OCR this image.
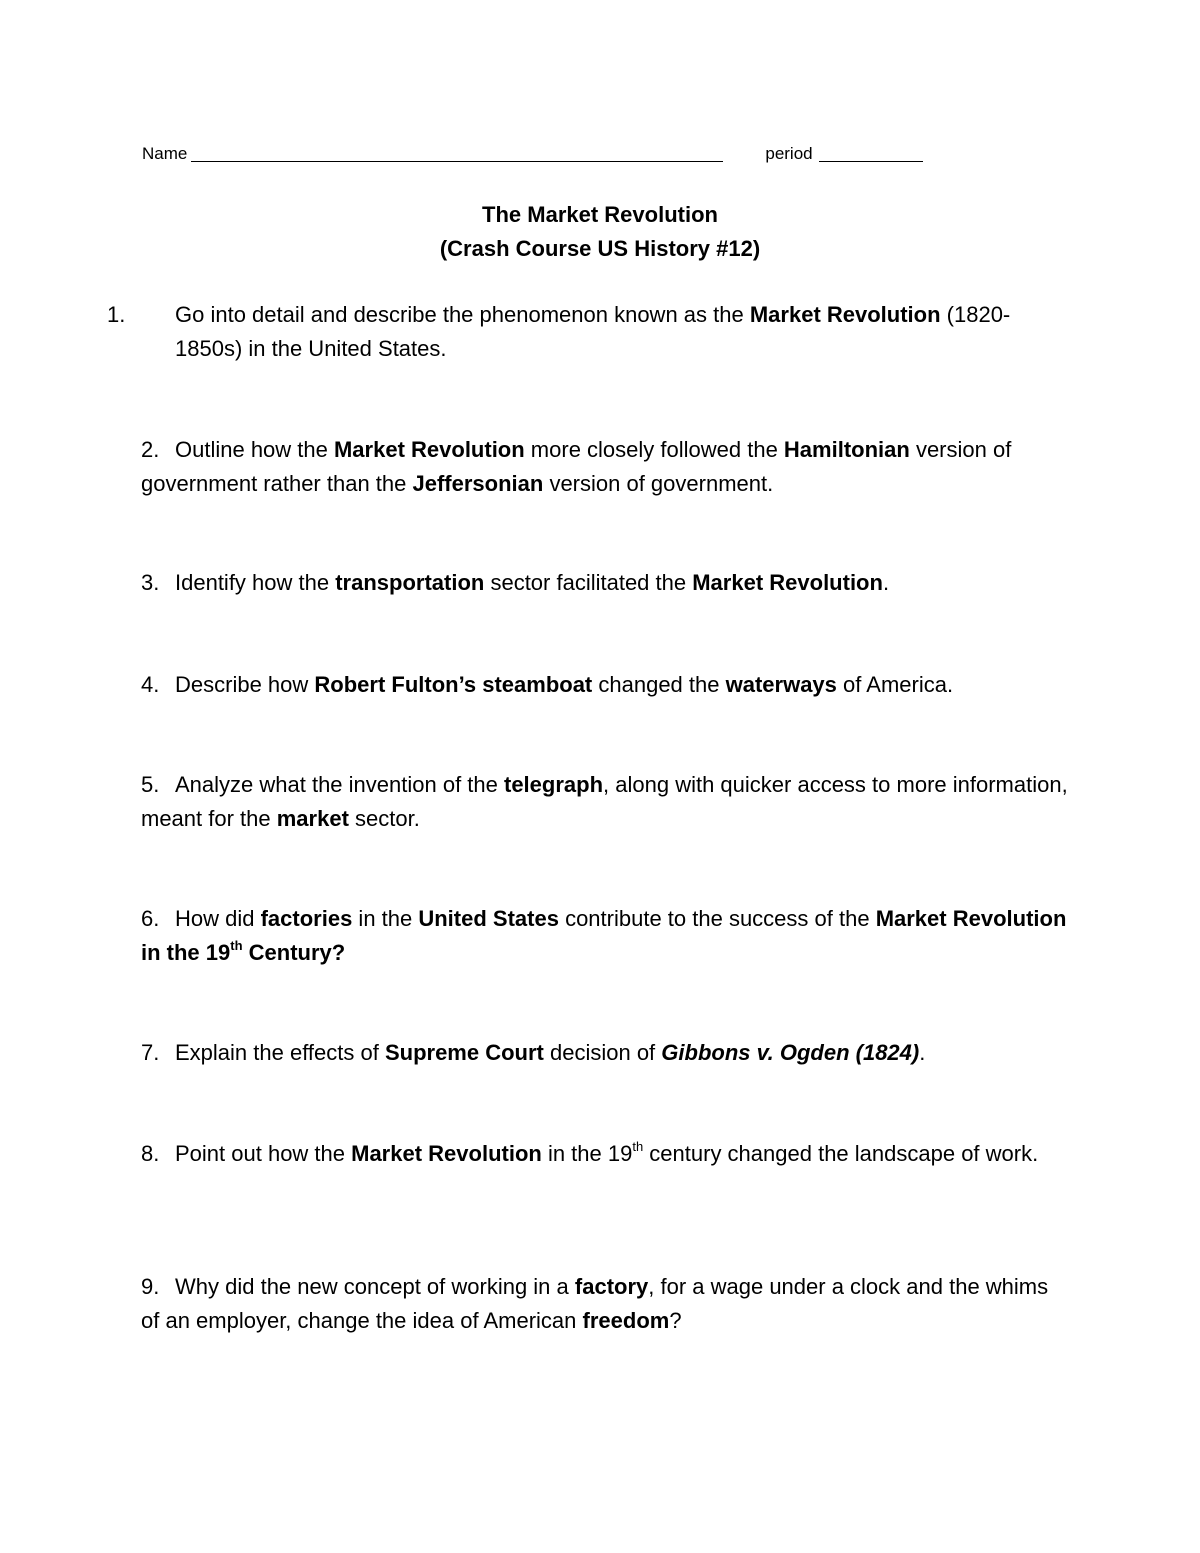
Name	period
The Market Revolution
(Crash Course US History #12)
1. Go into detail and describe the phenomenon known as the Market Revolution (1820-1850s) in the United States.
2. Outline how the Market Revolution more closely followed the Hamiltonian version of government rather than the Jeffersonian version of government.
3. Identify how the transportation sector facilitated the Market Revolution.
4. Describe how Robert Fulton’s steamboat changed the waterways of America.
5. Analyze what the invention of the telegraph, along with quicker access to more information, meant for the market sector.
6. How did factories in the United States contribute to the success of the Market Revolution in the 19th Century?
7. Explain the effects of Supreme Court decision of Gibbons v. Ogden (1824).
8. Point out how the Market Revolution in the 19th century changed the landscape of work.
9. Why did the new concept of working in a factory, for a wage under a clock and the whims of an employer, change the idea of American freedom?
